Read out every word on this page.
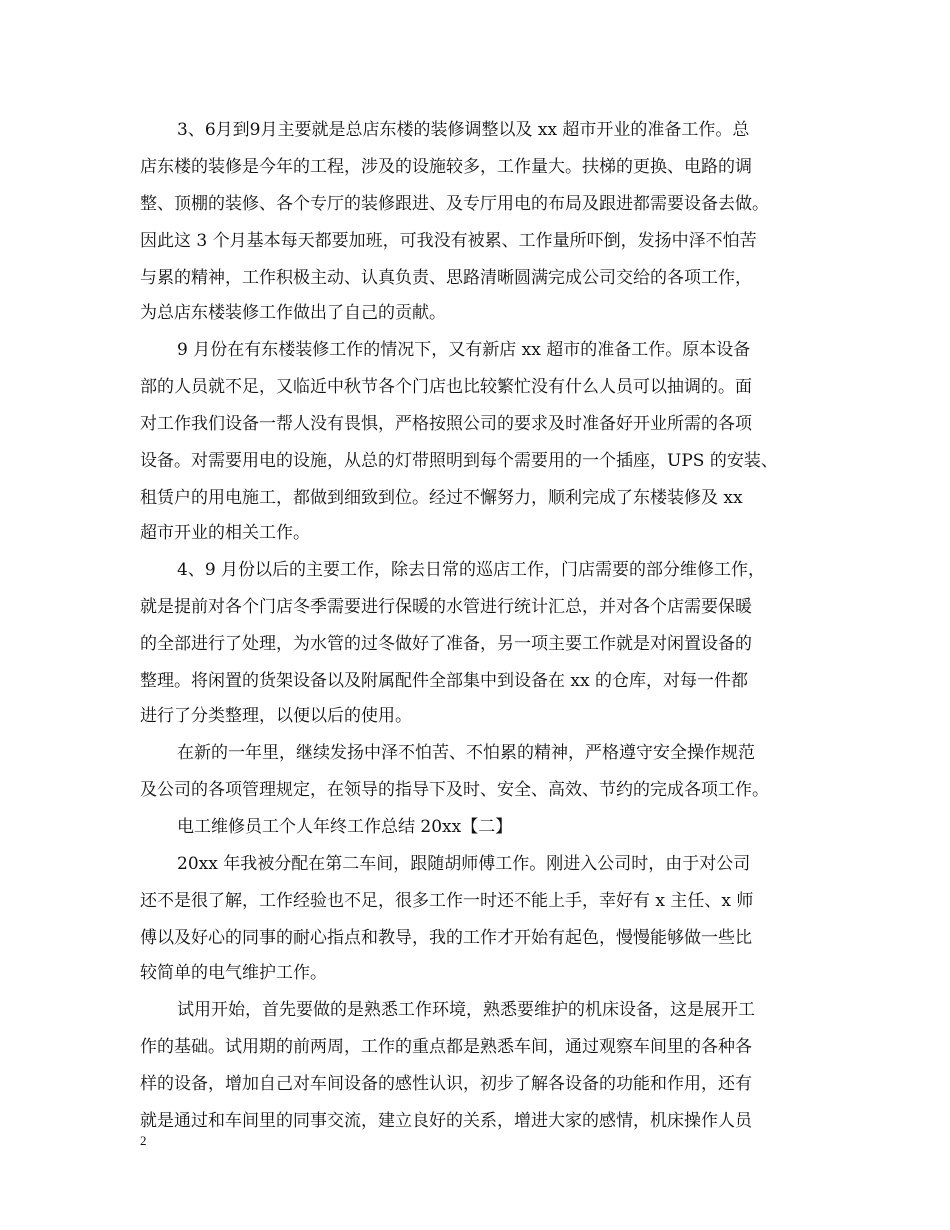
3、6月到9月主要就是总店东楼的装修调整以及 xx 超市开业的准备工作。总
店东楼的装修是今年的工程，涉及的设施较多，工作量大。扶梯的更换、电路的调
整、顶棚的装修、各个专厅的装修跟进、及专厅用电的布局及跟进都需要设备去做。
因此这 3 个月基本每天都要加班，可我没有被累、工作量所吓倒，发扬中泽不怕苦
与累的精神，工作积极主动、认真负责、思路清晰圆满完成公司交给的各项工作，
为总店东楼装修工作做出了自己的贡献。
9 月份在有东楼装修工作的情况下，又有新店 xx 超市的准备工作。原本设备
部的人员就不足，又临近中秋节各个门店也比较繁忙没有什么人员可以抽调的。面
对工作我们设备一帮人没有畏惧，严格按照公司的要求及时准备好开业所需的各项
设备。对需要用电的设施，从总的灯带照明到每个需要用的一个插座，UPS 的安装、
租赁户的用电施工，都做到细致到位。经过不懈努力，顺利完成了东楼装修及 xx
超市开业的相关工作。
4、9 月份以后的主要工作，除去日常的巡店工作，门店需要的部分维修工作，
就是提前对各个门店冬季需要进行保暖的水管进行统计汇总，并对各个店需要保暖
的全部进行了处理，为水管的过冬做好了准备，另一项主要工作就是对闲置设备的
整理。将闲置的货架设备以及附属配件全部集中到设备在 xx 的仓库，对每一件都
进行了分类整理，以便以后的使用。
在新的一年里，继续发扬中泽不怕苦、不怕累的精神，严格遵守安全操作规范
及公司的各项管理规定，在领导的指导下及时、安全、高效、节约的完成各项工作。
电工维修员工个人年终工作总结 20xx【二】
20xx 年我被分配在第二车间，跟随胡师傅工作。刚进入公司时，由于对公司
还不是很了解，工作经验也不足，很多工作一时还不能上手，幸好有 x 主任、x 师
傅以及好心的同事的耐心指点和教导，我的工作才开始有起色，慢慢能够做一些比
较简单的电气维护工作。
试用开始，首先要做的是熟悉工作环境，熟悉要维护的机床设备，这是展开工
作的基础。试用期的前两周，工作的重点都是熟悉车间，通过观察车间里的各种各
样的设备，增加自己对车间设备的感性认识，初步了解各设备的功能和作用，还有
就是通过和车间里的同事交流，建立良好的关系，增进大家的感情，机床操作人员
2
